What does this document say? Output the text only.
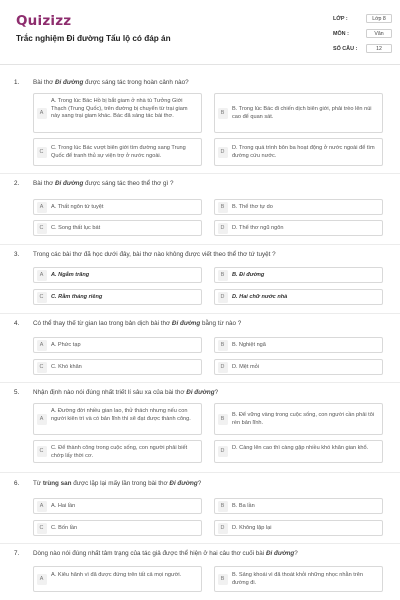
Quizizz
Trắc nghiệm Đi đường Tẩu lộ có đáp án
LỚP :	Lớp 8
MÔN :	Văn
SỐ CÂU :	12
1. Bài thơ Đi đường được sáng tác trong hoàn cảnh nào?
A
A. Trong lúc Bác Hồ bị bắt giam ở nhà tù Tưởng Giới Thạch (Trung Quốc), trên đường bị chuyển từ trại giam này sang trại giam khác. Bác đã sáng tác bài thơ.
B
B. Trong lúc Bác đi chiến dịch biên giới, phải trèo lên núi cao để quan sát.
C
C. Trong lúc Bác vượt biên giới tìm đường sang Trung Quốc để tranh thủ sự viện trợ ở nước ngoài.
D
D. Trong quá trình bôn ba hoạt động ở nước ngoài để tìm đường cứu nước.
2. Bài thơ Đi đường được sáng tác theo thể thơ gì ?
A	A. Thất ngôn tứ tuyệt	B	B. Thể thơ tự do
C	C. Song thất lục bát	D	D. Thể thơ ngũ ngôn
3. Trong các bài thơ đã học dưới đây, bài thơ nào không được viết theo thể thơ tứ tuyệt ?
A	A. Ngắm trăng	B	B. Đi đường
C	C. Rằm tháng riêng	D	D. Hai chữ nước nhà
4. Có thể thay thế từ gian lao trong bản dịch bài thơ Đi đường bằng từ nào ?
A	A. Phức tạp	B	B. Nghiệt ngã
C	C. Khó khăn	D	D. Mệt mỏi
5. Nhận định nào nói đúng nhất triết lí sâu xa của bài thơ Đi đường?
A
A. Đường đời nhiều gian lao, thử thách nhưng nếu con người kiên trì và có bản lĩnh thì sẽ đạt được thành công.	B
B. Để vững vàng trong cuộc sống, con người cần phải tôi rèn bản lĩnh.
C	C. Để thành công trong cuộc sống, con người phải biết chớp lấy thời cơ.
D	D. Càng lên cao thì càng gặp nhiều khó khăn gian khổ.
6. Từ trùng san được lặp lại mấy lần trong bài thơ Đi đường?
A	A. Hai lần	B	B. Ba lần
C	C. Bốn lần	D	D. Không lặp lại
7. Dòng nào nói đúng nhất tâm trạng của tác giả được thể hiện ở hai câu thơ cuối bài Đi đường?
A
A. Kiêu hãnh vì đã được đứng trên tất cả mọi người.
B
B. Sảng khoái vì đã thoát khỏi những nhọc nhằn trên đường đi.
